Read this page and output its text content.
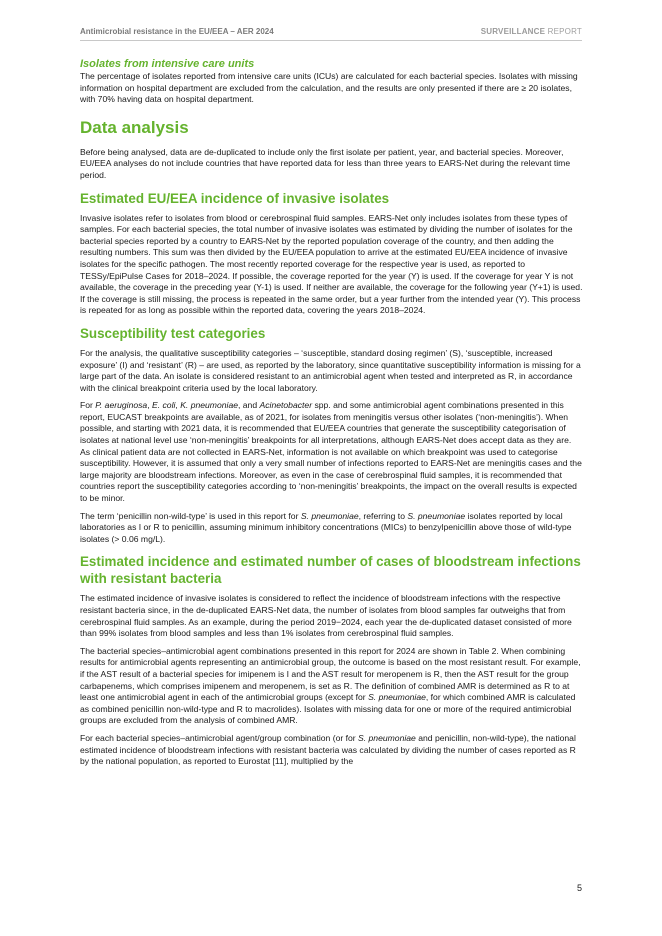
Antimicrobial resistance in the EU/EEA – AER 2024	SURVEILLANCE REPORT
Isolates from intensive care units

The percentage of isolates reported from intensive care units (ICUs) are calculated for each bacterial species. Isolates with missing information on hospital department are excluded from the calculation, and the results are only presented if there are ≥ 20 isolates, with 70% having data on hospital department.

Data analysis

Before being analysed, data are de-duplicated to include only the first isolate per patient, year, and bacterial species. Moreover, EU/EEA analyses do not include countries that have reported data for less than three years to EARS-Net during the relevant time period.

Estimated EU/EEA incidence of invasive isolates

Invasive isolates refer to isolates from blood or cerebrospinal fluid samples. EARS-Net only includes isolates from these types of samples. For each bacterial species, the total number of invasive isolates was estimated by dividing the number of isolates for the bacterial species reported by a country to EARS-Net by the reported population coverage of the country, and then adding the resulting numbers. This sum was then divided by the EU/EEA population to arrive at the estimated EU/EEA incidence of invasive isolates for the specific pathogen. The most recently reported coverage for the respective year is used, as reported to TESSy/EpiPulse Cases for 2018–2024. If possible, the coverage reported for the year (Y) is used. If the coverage for year Y is not available, the coverage in the preceding year (Y-1) is used. If neither are available, the coverage for the following year (Y+1) is used. If the coverage is still missing, the process is repeated in the same order, but a year further from the intended year (Y). This process is repeated for as long as possible within the reported data, covering the years 2018–2024.

Susceptibility test categories

For the analysis, the qualitative susceptibility categories – ‘susceptible, standard dosing regimen’ (S), ‘susceptible, increased exposure’ (I) and ‘resistant’ (R) – are used, as reported by the laboratory, since quantitative susceptibility information is missing for a large part of the data. An isolate is considered resistant to an antimicrobial agent when tested and interpreted as R, in accordance with the clinical breakpoint criteria used by the local laboratory.

For P. aeruginosa, E. coli, K. pneumoniae, and Acinetobacter spp. and some antimicrobial agent combinations presented in this report, EUCAST breakpoints are available, as of 2021, for isolates from meningitis versus other isolates (‘non-meningitis’). When possible, and starting with 2021 data, it is recommended that EU/EEA countries that generate the susceptibility categorisation of isolates at national level use ‘non-meningitis’ breakpoints for all interpretations, although EARS-Net does accept data as they are. As clinical patient data are not collected in EARS-Net, information is not available on which breakpoint was used to categorise susceptibility. However, it is assumed that only a very small number of infections reported to EARS-Net are meningitis cases and the large majority are bloodstream infections. Moreover, as even in the case of cerebrospinal fluid samples, it is recommended that countries report the susceptibility categories according to ‘non-meningitis’ breakpoints, the impact on the overall results is expected to be minor.

The term ‘penicillin non-wild-type’ is used in this report for S. pneumoniae, referring to S. pneumoniae isolates reported by local laboratories as I or R to penicillin, assuming minimum inhibitory concentrations (MICs) to benzylpenicillin above those of wild-type isolates (> 0.06 mg/L).

Estimated incidence and estimated number of cases of bloodstream infections with resistant bacteria

The estimated incidence of invasive isolates is considered to reflect the incidence of bloodstream infections with the respective resistant bacteria since, in the de-duplicated EARS-Net data, the number of isolates from blood samples far outweighs that from cerebrospinal fluid samples. As an example, during the period 2019−2024, each year the de-duplicated dataset consisted of more than 99% isolates from blood samples and less than 1% isolates from cerebrospinal fluid samples.

The bacterial species–antimicrobial agent combinations presented in this report for 2024 are shown in Table 2. When combining results for antimicrobial agents representing an antimicrobial group, the outcome is based on the most resistant result. For example, if the AST result of a bacterial species for imipenem is I and the AST result for meropenem is R, then the AST result for the group carbapenems, which comprises imipenem and meropenem, is set as R. The definition of combined AMR is determined as R to at least one antimicrobial agent in each of the antimicrobial groups (except for S. pneumoniae, for which combined AMR is calculated as combined penicillin non-wild-type and R to macrolides). Isolates with missing data for one or more of the required antimicrobial groups are excluded from the analysis of combined AMR.

For each bacterial species–antimicrobial agent/group combination (or for S. pneumoniae and penicillin, non-wild-type), the national estimated incidence of bloodstream infections with resistant bacteria was calculated by dividing the number of cases reported as R by the national population, as reported to Eurostat [11], multiplied by the

5
